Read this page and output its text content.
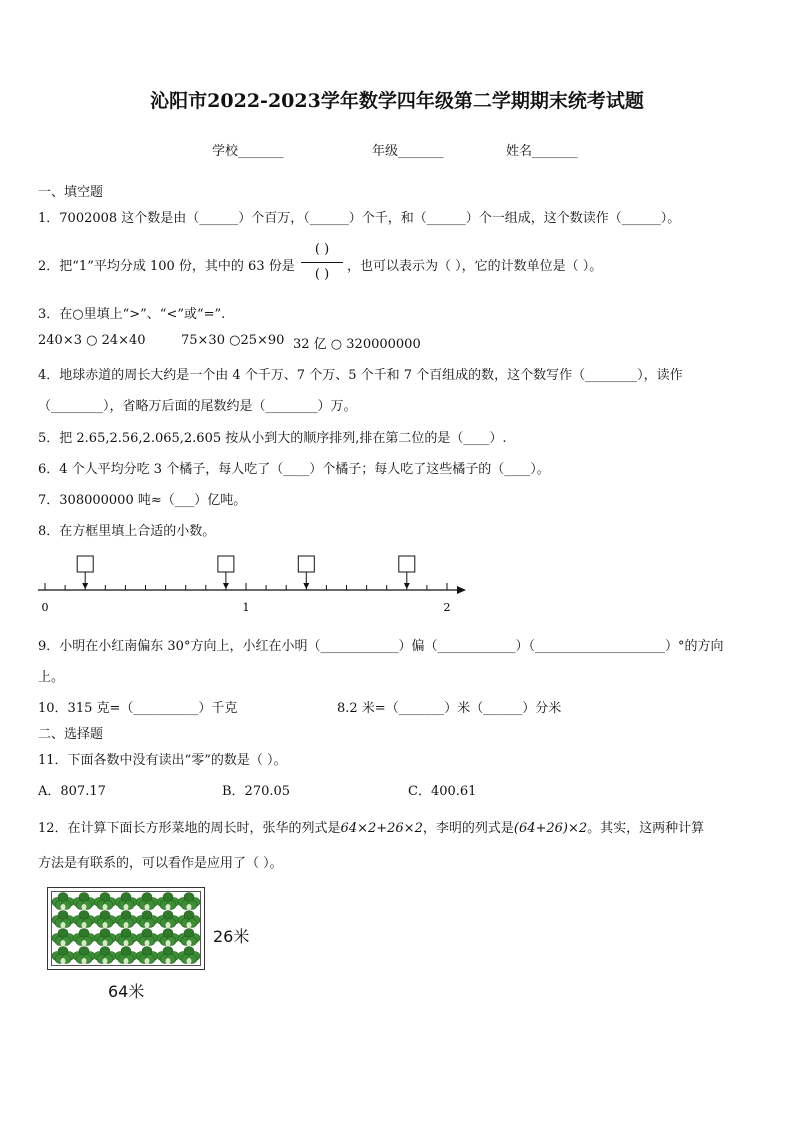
沁阳市2022-2023学年数学四年级第二学期期末统考试题
学校_______	年级_______	姓名_______
一、填空题
1．7002008 这个数是由（______）个百万，（______）个千，和（______）个一组成，这个数读作（______）。
2．把“1”平均分成 100 份，其中的 63 份是
( )
( )
，也可以表示为（ ），它的计数单位是（ ）。
3．在○里填上“>”、“<”或“=”.
240×3 ○ 24×40	75×30 ○25×90 32 亿 ○ 320000000
4．地球赤道的周长大约是一个由 4 个千万、7 个万、5 个千和 7 个百组成的数，这个数写作（________），读作
（________），省略万后面的尾数约是（________）万。
5．把 2.65,2.56,2.065,2.605 按从小到大的顺序排列,排在第二位的是（____）.
6．4 个人平均分吃 3 个橘子，每人吃了（____）个橘子；每人吃了这些橘子的（____）。
7．308000000 吨≈（___）亿吨。
8．在方框里填上合适的小数。
0	1	2
9．小明在小红南偏东 30°方向上，小红在小明（____________）偏（____________）（____________________）°的方向
上。
10．315 克=（__________）千克	8.2 米=（_______）米（______）分米
二、选择题
11．下面各数中没有读出“零”的数是（ ）。
A．807.17	B．270.05	C．400.61
12．在计算下面长方形菜地的周长时，张华的列式是64×2+26×2，李明的列式是(64+26)×2。其实，这两种计算
方法是有联系的，可以看作是应用了（ ）。
26米
64米
